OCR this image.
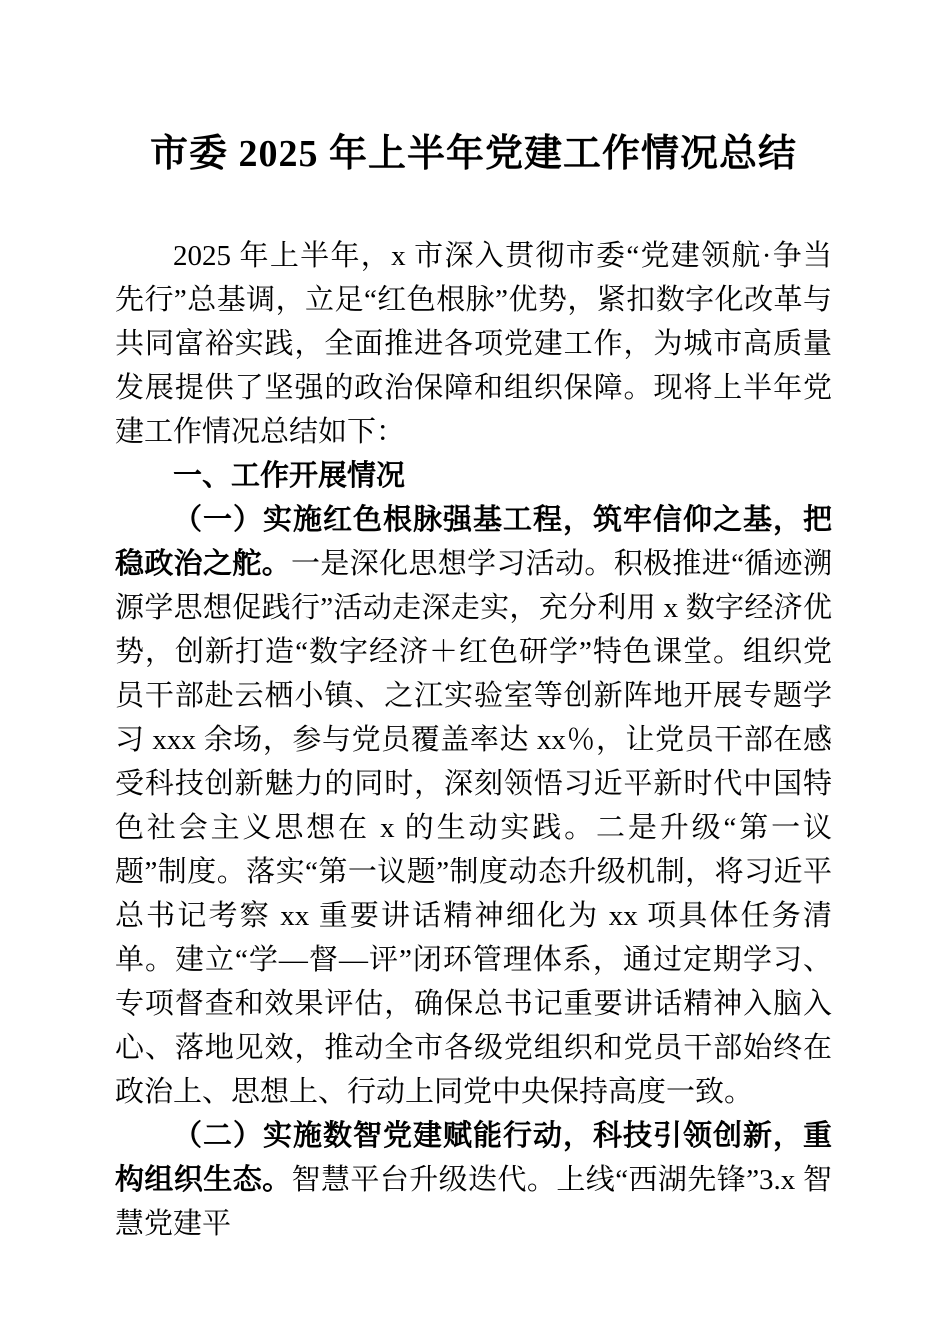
市委 2025 年上半年党建工作情况总结

2025 年上半年，x 市深入贯彻市委“党建领航·争当先行”总基调，立足“红色根脉”优势，紧扣数字化改革与共同富裕实践，全面推进各项党建工作，为城市高质量发展提供了坚强的政治保障和组织保障。现将上半年党建工作情况总结如下：

一、工作开展情况

（一）实施红色根脉强基工程，筑牢信仰之基，把稳政治之舵。一是深化思想学习活动。积极推进“循迹溯源学思想促践行”活动走深走实，充分利用 x 数字经济优势，创新打造“数字经济＋红色研学”特色课堂。组织党员干部赴云栖小镇、之江实验室等创新阵地开展专题学习 xxx 余场，参与党员覆盖率达 xx％，让党员干部在感受科技创新魅力的同时，深刻领悟习近平新时代中国特色社会主义思想在 x 的生动实践。二是升级“第一议题”制度。落实“第一议题”制度动态升级机制，将习近平总书记考察 xx 重要讲话精神细化为 xx 项具体任务清单。建立“学—督—评”闭环管理体系，通过定期学习、专项督查和效果评估，确保总书记重要讲话精神入脑入心、落地见效，推动全市各级党组织和党员干部始终在政治上、思想上、行动上同党中央保持高度一致。

（二）实施数智党建赋能行动，科技引领创新，重构组织生态。智慧平台升级迭代。上线“西湖先锋”3.x 智慧党建平
